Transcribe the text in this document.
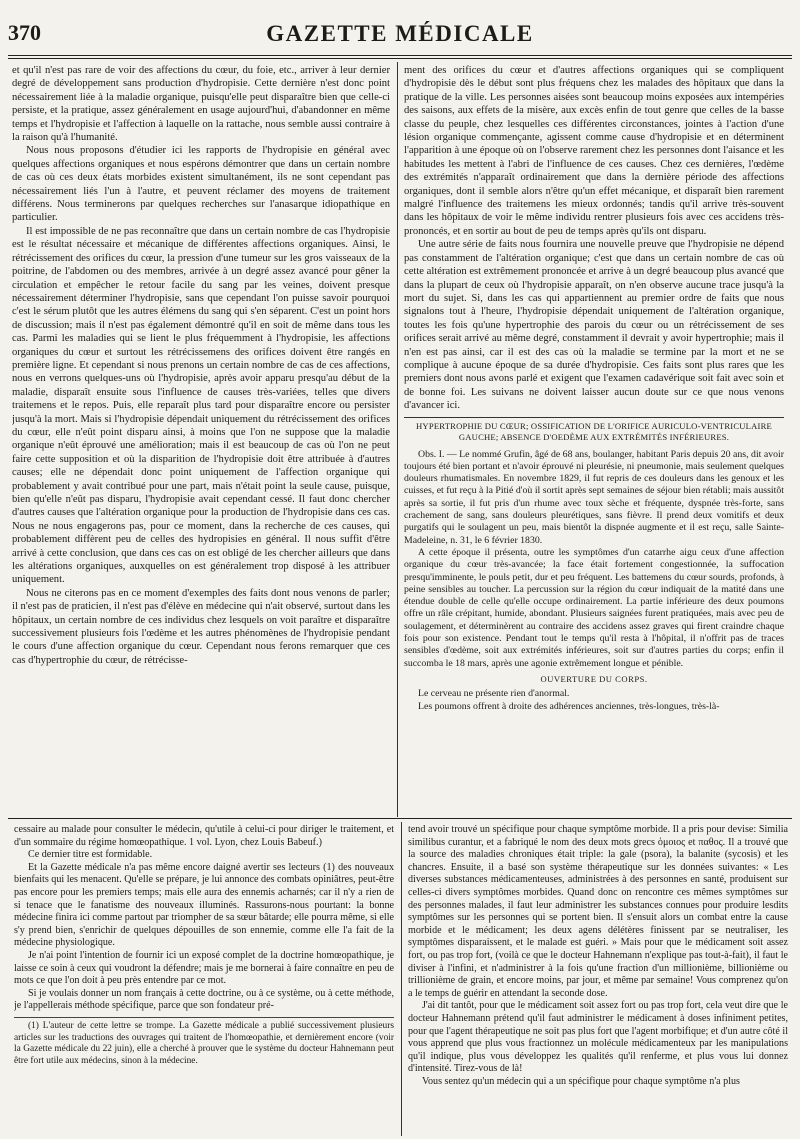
370	GAZETTE MÉDICALE

et qu'il n'est pas rare de voir des affections du cœur, du foie, etc., arriver à leur dernier degré de développement sans production d'hydropisie. Cette dernière n'est donc point nécessairement liée à la maladie organique, puisqu'elle peut disparaître bien que celle-ci persiste, et la pratique, assez généralement en usage aujourd'hui, d'abandonner en même temps et l'hydropisie et l'affection à laquelle on la rattache, nous semble aussi contraire à la raison qu'à l'humanité.

Nous nous proposons d'étudier ici les rapports de l'hydropisie en général avec quelques affections organiques et nous espérons démontrer que dans un certain nombre de cas où ces deux états morbides existent simultanément, ils ne sont cependant pas nécessairement liés l'un à l'autre, et peuvent réclamer des moyens de traitement différens. Nous terminerons par quelques recherches sur l'anasarque idiopathique en particulier.

Il est impossible de ne pas reconnaître que dans un certain nombre de cas l'hydropisie est le résultat nécessaire et mécanique de différentes affections organiques. Ainsi, le rétrécissement des orifices du cœur, la pression d'une tumeur sur les gros vaisseaux de la poitrine, de l'abdomen ou des membres, arrivée à un degré assez avancé pour gêner la circulation et empêcher le retour facile du sang par les veines, doivent presque nécessairement déterminer l'hydropisie, sans que cependant l'on puisse savoir pourquoi c'est le sérum plutôt que les autres élémens du sang qui s'en séparent. C'est un point hors de discussion; mais il n'est pas également démontré qu'il en soit de même dans tous les cas. Parmi les maladies qui se lient le plus fréquemment à l'hydropisie, les affections organiques du cœur et surtout les rétrécissemens des orifices doivent être rangés en première ligne. Et cependant si nous prenons un certain nombre de cas de ces affections, nous en verrons quelques-uns où l'hydropisie, après avoir apparu presqu'au début de la maladie, disparaît ensuite sous l'influence de causes très-variées, telles que divers traitemens et le repos. Puis, elle reparaît plus tard pour disparaître encore ou persister jusqu'à la mort. Mais si l'hydropisie dépendait uniquement du rétrécissement des orifices du cœur, elle n'eût point disparu ainsi, à moins que l'on ne suppose que la maladie organique n'eût éprouvé une amélioration; mais il est beaucoup de cas où l'on ne peut faire cette supposition et où la disparition de l'hydropisie doit être attribuée à d'autres causes; elle ne dépendait donc point uniquement de l'affection organique qui probablement y avait contribué pour une part, mais n'était point la seule cause, puisque, bien qu'elle n'eût pas disparu, l'hydropisie avait cependant cessé. Il faut donc chercher d'autres causes que l'altération organique pour la production de l'hydropisie dans ces cas. Nous ne nous engagerons pas, pour ce moment, dans la recherche de ces causes, qui probablement diffèrent peu de celles des hydropisies en général. Il nous suffit d'être arrivé à cette conclusion, que dans ces cas on est obligé de les chercher ailleurs que dans les altérations organiques, auxquelles on est généralement trop disposé à les attribuer uniquement.

Nous ne citerons pas en ce moment d'exemples des faits dont nous venons de parler; il n'est pas de praticien, il n'est pas d'élève en médecine qui n'ait observé, surtout dans les hôpitaux, un certain nombre de ces individus chez lesquels on voit paraître et disparaître successivement plusieurs fois l'œdème et les autres phénomènes de l'hydropisie pendant le cours d'une affection organique du cœur. Cependant nous ferons remarquer que ces cas d'hypertrophie du cœur, de rétrécisse-

ment des orifices du cœur et d'autres affections organiques qui se compliquent d'hydropisie dès le début sont plus fréquens chez les malades des hôpitaux que dans la pratique de la ville. Les personnes aisées sont beaucoup moins exposées aux intempéries des saisons, aux effets de la misère, aux excès enfin de tout genre que celles de la basse classe du peuple, chez lesquelles ces différentes circonstances, jointes à l'action d'une lésion organique commençante, agissent comme cause d'hydropisie et en déterminent l'apparition à une époque où on l'observe rarement chez les personnes dont l'aisance et les habitudes les mettent à l'abri de l'influence de ces causes. Chez ces dernières, l'œdème des extrémités n'apparaît ordinairement que dans la dernière période des affections organiques, dont il semble alors n'être qu'un effet mécanique, et disparaît bien rarement malgré l'influence des traitemens les mieux ordonnés; tandis qu'il arrive très-souvent dans les hôpitaux de voir le même individu rentrer plusieurs fois avec ces accidens très-prononcés, et en sortir au bout de peu de temps après qu'ils ont disparu.

Une autre série de faits nous fournira une nouvelle preuve que l'hydropisie ne dépend pas constamment de l'altération organique; c'est que dans un certain nombre de cas où cette altération est extrêmement prononcée et arrive à un degré beaucoup plus avancé que dans la plupart de ceux où l'hydropisie apparaît, on n'en observe aucune trace jusqu'à la mort du sujet. Si, dans les cas qui appartiennent au premier ordre de faits que nous signalons tout à l'heure, l'hydropisie dépendait uniquement de l'altération organique, toutes les fois qu'une hypertrophie des parois du cœur ou un rétrécissement de ses orifices serait arrivé au même degré, constamment il devrait y avoir hypertrophie; mais il n'en est pas ainsi, car il est des cas où la maladie se termine par la mort et ne se complique à aucune époque de sa durée d'hydropisie. Ces faits sont plus rares que les premiers dont nous avons parlé et exigent que l'examen cadavérique soit fait avec soin et de bonne foi. Les suivans ne doivent laisser aucun doute sur ce que nous venons d'avancer ici.

HYPERTROPHIE DU CŒUR; OSSIFICATION DE L'ORIFICE AURICULO-VENTRICULAIRE GAUCHE; ABSENCE D'OEDÈME AUX EXTRÉMITÉS INFÉRIEURES.

Obs. I. — Le nommé Grufin, âgé de 68 ans, boulanger, habitant Paris depuis 20 ans, dit avoir toujours été bien portant et n'avoir éprouvé ni pleurésie, ni pneumonie, mais seulement quelques douleurs rhumatismales. En novembre 1829, il fut repris de ces douleurs dans les genoux et les cuisses, et fut reçu à la Pitié d'où il sortit après sept semaines de séjour bien rétabli; mais aussitôt après sa sortie, il fut pris d'un rhume avec toux sèche et fréquente, dyspnée très-forte, sans crachement de sang, sans douleurs pleurétiques, sans fièvre. Il prend deux vomitifs et deux purgatifs qui le soulagent un peu, mais bientôt la dispnée augmente et il est reçu, salle Sainte-Madeleine, n. 31, le 6 février 1830.

A cette époque il présenta, outre les symptômes d'un catarrhe aigu ceux d'une affection organique du cœur très-avancée; la face était fortement congestionnée, la suffocation presqu'imminente, le pouls petit, dur et peu fréquent. Les battemens du cœur sourds, profonds, à peine sensibles au toucher. La percussion sur la région du cœur indiquait de la matité dans une étendue double de celle qu'elle occupe ordinairement. La partie inférieure des deux poumons offre un râle crépitant, humide, abondant. Plusieurs saignées furent pratiquées, mais avec peu de soulagement, et déterminèrent au contraire des accidens assez graves qui firent craindre chaque fois pour son existence. Pendant tout le temps qu'il resta à l'hôpital, il n'offrit pas de traces sensibles d'œdème, soit aux extrémités inférieures, soit sur d'autres parties du corps; enfin il succomba le 18 mars, après une agonie extrêmement longue et pénible.

OUVERTURE DU CORPS.

Le cerveau ne présente rien d'anormal.

Les poumons offrent à droite des adhérences anciennes, très-longues, très-là-

cessaire au malade pour consulter le médecin, qu'utile à celui-ci pour diriger le traitement, et d'un sommaire du régime homœopathique. 1 vol. Lyon, chez Louis Babeuf.)

Ce dernier titre est formidable.

Et la Gazette médicale n'a pas même encore daigné avertir ses lecteurs (1) des nouveaux bienfaits qui les menacent. Qu'elle se prépare, je lui annonce des combats opiniâtres, peut-être pas encore pour les premiers temps; mais elle aura des ennemis acharnés; car il n'y a rien de si tenace que le fanatisme des nouveaux illuminés. Rassurons-nous pourtant: la bonne médecine finira ici comme partout par triompher de sa sœur bâtarde; elle pourra même, si elle s'y prend bien, s'enrichir de quelques dépouilles de son ennemie, comme elle l'a fait de la médecine physiologique.

Je n'ai point l'intention de fournir ici un exposé complet de la doctrine homœopathique, je laisse ce soin à ceux qui voudront la défendre; mais je me bornerai à faire connaître en peu de mots ce que l'on doit à peu près entendre par ce mot.

Si je voulais donner un nom français à cette doctrine, ou à ce système, ou à cette méthode, je l'appellerais méthode spécifique, parce que son fondateur pré-

(1) L'auteur de cette lettre se trompe. La Gazette médicale a publié successivement plusieurs articles sur les traductions des ouvrages qui traitent de l'homœopathie, et dernièrement encore (voir la Gazette médicale du 22 juin), elle a cherché à prouver que le système du docteur Hahnemann peut être fort utile aux médecins, sinon à la médecine.

tend avoir trouvé un spécifique pour chaque symptôme morbide. Il a pris pour devise: Similia similibus curantur, et a fabriqué le nom des deux mots grecs ὁμοιος et παθος. Il a trouvé que la source des maladies chroniques était triple: la gale (psora), la balanite (sycosis) et les chancres. Ensuite, il a basé son système thérapeutique sur les données suivantes: « Les diverses substances médicamenteuses, administrées à des personnes en santé, produisent sur celles-ci divers symptômes morbides. Quand donc on rencontre ces mêmes symptômes sur des personnes malades, il faut leur administrer les substances connues pour produire lesdits symptômes sur les personnes qui se portent bien. Il s'ensuit alors un combat entre la cause morbide et le médicament; les deux agens délétères finissent par se neutraliser, les symptômes disparaissent, et le malade est guéri. » Mais pour que le médicament soit assez fort, ou pas trop fort, (voilà ce que le docteur Hahnemann n'explique pas tout-à-fait), il faut le diviser à l'infini, et n'administrer à la fois qu'une fraction d'un millionième, billionième ou trillionième de grain, et encore moins, par jour, et même par semaine! Vous comprenez qu'on a le temps de guérir en attendant la seconde dose.

J'ai dit tantôt, pour que le médicament soit assez fort ou pas trop fort, cela veut dire que le docteur Hahnemann prétend qu'il faut administrer le médicament à doses infiniment petites, pour que l'agent thérapeutique ne soit pas plus fort que l'agent morbifique; et d'un autre côté il vous apprend que plus vous fractionnez un molécule médicamenteux par les manipulations qu'il indique, plus vous développez les qualités qu'il renferme, et plus vous lui donnez d'intensité. Tirez-vous de là!

Vous sentez qu'un médecin qui a un spécifique pour chaque symptôme n'a plus
